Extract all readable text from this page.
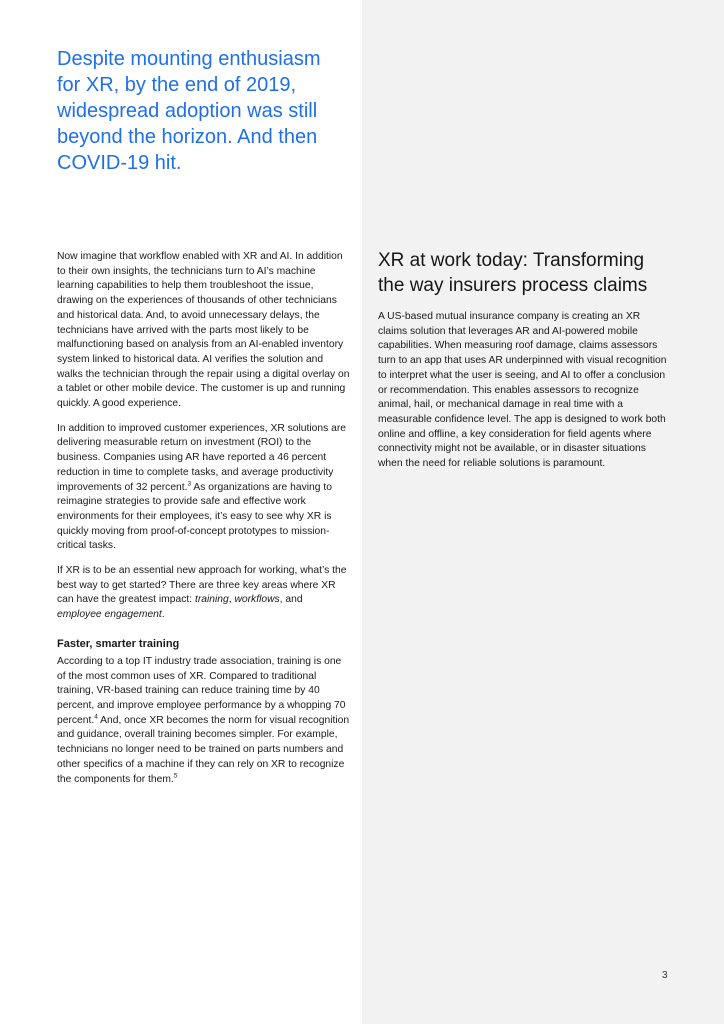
Despite mounting enthusiasm for XR, by the end of 2019, widespread adoption was still beyond the horizon. And then COVID-19 hit.

Now imagine that workflow enabled with XR and AI. In addition to their own insights, the technicians turn to AI’s machine learning capabilities to help them troubleshoot the issue, drawing on the experiences of thousands of other technicians and historical data. And, to avoid unnecessary delays, the technicians have arrived with the parts most likely to be malfunctioning based on analysis from an AI-enabled inventory system linked to historical data. AI verifies the solution and walks the technician through the repair using a digital overlay on a tablet or other mobile device. The customer is up and running quickly. A good experience.

In addition to improved customer experiences, XR solutions are delivering measurable return on investment (ROI) to the business. Companies using AR have reported a 46 percent reduction in time to complete tasks, and average productivity improvements of 32 percent.$^3$ As organizations are having to reimagine strategies to provide safe and effective work environments for their employees, it’s easy to see why XR is quickly moving from proof-of-concept prototypes to mission-critical tasks.

If XR is to be an essential new approach for working, what’s the best way to get started? There are three key areas where XR can have the greatest impact: training, workflows, and employee engagement.

Faster, smarter training

According to a top IT industry trade association, training is one of the most common uses of XR. Compared to traditional training, VR-based training can reduce training time by 40 percent, and improve employee performance by a whopping 70 percent.$^4$ And, once XR becomes the norm for visual recognition and guidance, overall training becomes simpler. For example, technicians no longer need to be trained on parts numbers and other specifics of a machine if they can rely on XR to recognize the components for them.$^5$

XR at work today: Transforming the way insurers process claims

A US-based mutual insurance company is creating an XR claims solution that leverages AR and AI-powered mobile capabilities. When measuring roof damage, claims assessors turn to an app that uses AR underpinned with visual recognition to interpret what the user is seeing, and AI to offer a conclusion or recommendation. This enables assessors to recognize animal, hail, or mechanical damage in real time with a measurable confidence level. The app is designed to work both online and offline, a key consideration for field agents where connectivity might not be available, or in disaster situations when the need for reliable solutions is paramount.

3
